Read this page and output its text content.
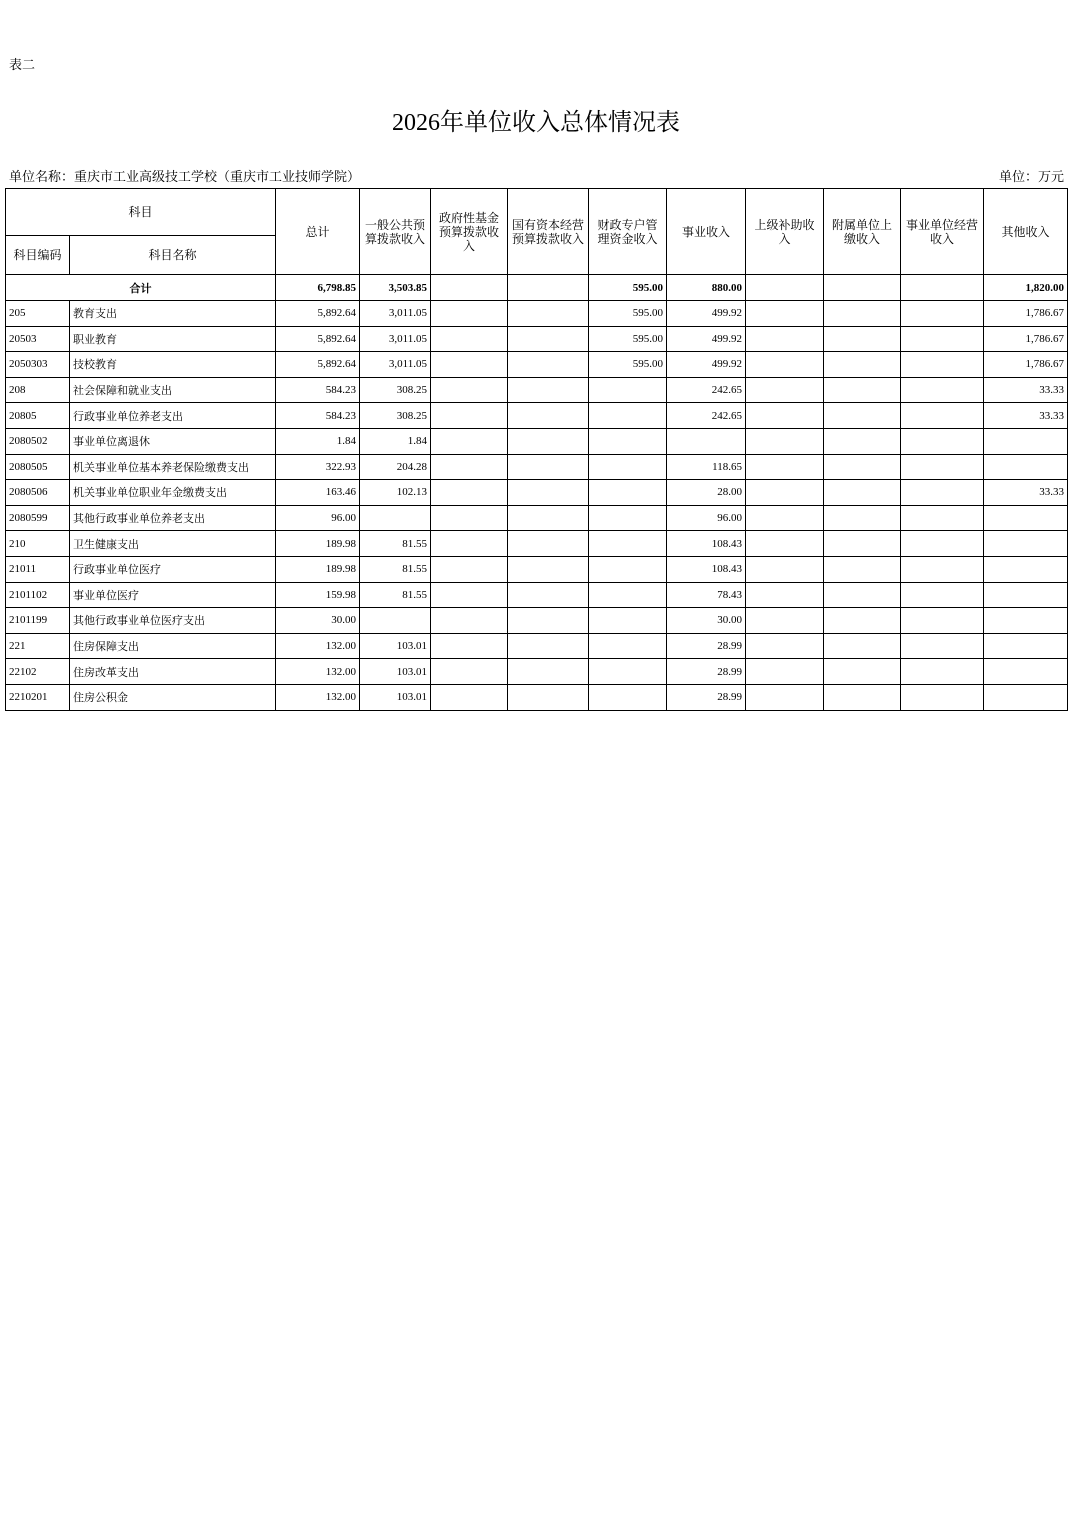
表二
2026年单位收入总体情况表
单位名称：重庆市工业高级技工学校（重庆市工业技师学院）	单位：万元
科目		总计	一般公共预算拨款收入	政府性基金预算拨款收入	国有资本经营预算拨款收入	财政专户管理资金收入	事业收入	上级补助收入	附属单位上缴收入	事业单位经营收入	其他收入
科目编码	科目名称										
合计		6,798.85	3,503.85			595.00	880.00				1,820.00
205	教育支出	5,892.64	3,011.05			595.00	499.92				1,786.67
20503	职业教育	5,892.64	3,011.05			595.00	499.92				1,786.67
2050303	技校教育	5,892.64	3,011.05			595.00	499.92				1,786.67
208	社会保障和就业支出	584.23	308.25				242.65				33.33
20805	行政事业单位养老支出	584.23	308.25				242.65				33.33
2080502	事业单位离退休	1.84	1.84								
2080505	机关事业单位基本养老保险缴费支出	322.93	204.28				118.65				
2080506	机关事业单位职业年金缴费支出	163.46	102.13				28.00				33.33
2080599	其他行政事业单位养老支出	96.00					96.00				
210	卫生健康支出	189.98	81.55				108.43				
21011	行政事业单位医疗	189.98	81.55				108.43				
2101102	事业单位医疗	159.98	81.55				78.43				
2101199	其他行政事业单位医疗支出	30.00					30.00				
221	住房保障支出	132.00	103.01				28.99				
22102	住房改革支出	132.00	103.01				28.99				
2210201	住房公积金	132.00	103.01				28.99				
